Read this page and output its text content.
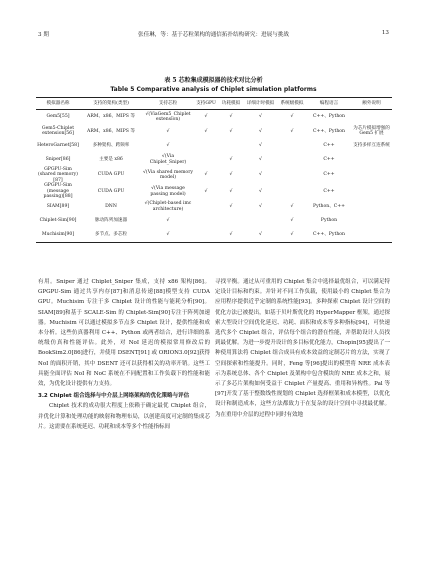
3 期	张佳琳，等：基于芯粒架构的通信拓扑结构研究：进展与挑战	13
表 5 芯粒集成模拟器的技术对比分析
Table 5 Comparative analysis of Chiplet simulation platforms
模拟器名称	支持的架构(类型)	支持芯粒	支持GPU	功耗模拟	详细计时模拟	系统级模拟	编程语言	额外说明
Gem5[55]	ARM、x86、MIPS 等	√(ViaGem5_Chiplet extension)	√	√	√	√	C++、Python	
Gem5-Chiplet extension[56]	ARM、x86、MIPS 等	√	√	√	√	√	C++、Python	为芯片模拟增强的 Gem5 扩展
HeteroGarnet[58]	多种架构、跨频率	√			√		C++	支持多样互连系统
Sniper[86]	主要是 x86	√(Via Chiplet_Sniper)		√	√		C++	
GPGPU-Sim (shared memory)[87]	CUDA GPU	√(Via shared memory model)	√	√	√		C++	
GPGPU-Sim (message passing)[88]	CUDA GPU	√(Via message passing model)	√	√	√		C++	
SIAM[89]	DNN	√(Chiplet-based imc architecture)		√	√	√	Python、C++	
Chiplet-Sim[90]	脉动阵列加速器	√				√	Python	
Muchisim[90]	多节点、多芯粒	√		√	√	√	C++、Python	

有用。Sniper 通过 Chiplet_Sniper 集成，支持 x86 架构[86]。GPGPU-Sim 通过共享内存[87]和消息传递[88]模型支持 CUDA GPU。Muchisim 专注于多 Chiplet 设计的性能与能耗分析[90]。SIAM[89]和基于 SCALE-Sim 的 Chiplet-Sim[90]专注于阵列加速器。Muchisim 可以通过模拟多节点多 Chiplet 设计，提供性能和成本分析。这些仿真器利用 C++、Python 或两者结合，进行详细的系统级仿真和性能评估。此外，对 NoI 延迟的模拟常用修改后的 BookSim2.0[86]进行，并使用 DSENT[91] 或 ORION3.0[92]获得 NoI 的面积开销，其中 DSENT 还可以获得相关的功率开销。这些工具能全面评估 NoI 和 NoC 系统在不同配置和工作负载下的性能和能效，为优化设计提供有力支持。

3.2 Chiplet 组合选择与中介层上网络架构的优化策略与评估

Chiplet 技术的成功很大程度上依赖于确定最优 Chiplet 组合，并优化计算和处理功能的映射和物理布局，以创建高度可定制的集成芯片。这需要在系统延迟、功耗和成本等多个性能指标间

寻找平衡。通过从可重用的 Chiplet 集合中选择最优组合，可以满足特定设计目标和约束。并针对不同工作负载，使用最小的 Chiplet 集合为应用程序提供近乎定制的系统性能[93]。多种探索 Chiplet 设计空间的优化方法已被提出，如基于贝叶斯优化的 HyperMapper 框架，通过探索大型设计空间优化延迟、功耗、面积和成本等多种指标[94]，可快速选代多个 Chiplet 组合，评估每个组合的潜在性能，并帮助设计人员找到最优解。为进一步提升设计的多目标优化能力，Chopin[95]提出了一种使用算法将 Chiplet 组合成具有成本效益的定制芯片的方法，实现了空间探索和性能提升。同时，Feng 等[96]提出的模型将 NRE 成本表示为系统总体、各个 Chiplet 及架构中包含模块的 NRE 成本之和，展示了多芯片架构如何受益于 Chiplet 产量提高、重用和异构性。Pal 等[97]开发了基于整数线性规划的 Chiplet 选择框架和成本模型，以优化设计和制造成本，这些方法都致力于在复杂的设计空间中寻找最优解。为在重用中介层的过程中同时有效地
